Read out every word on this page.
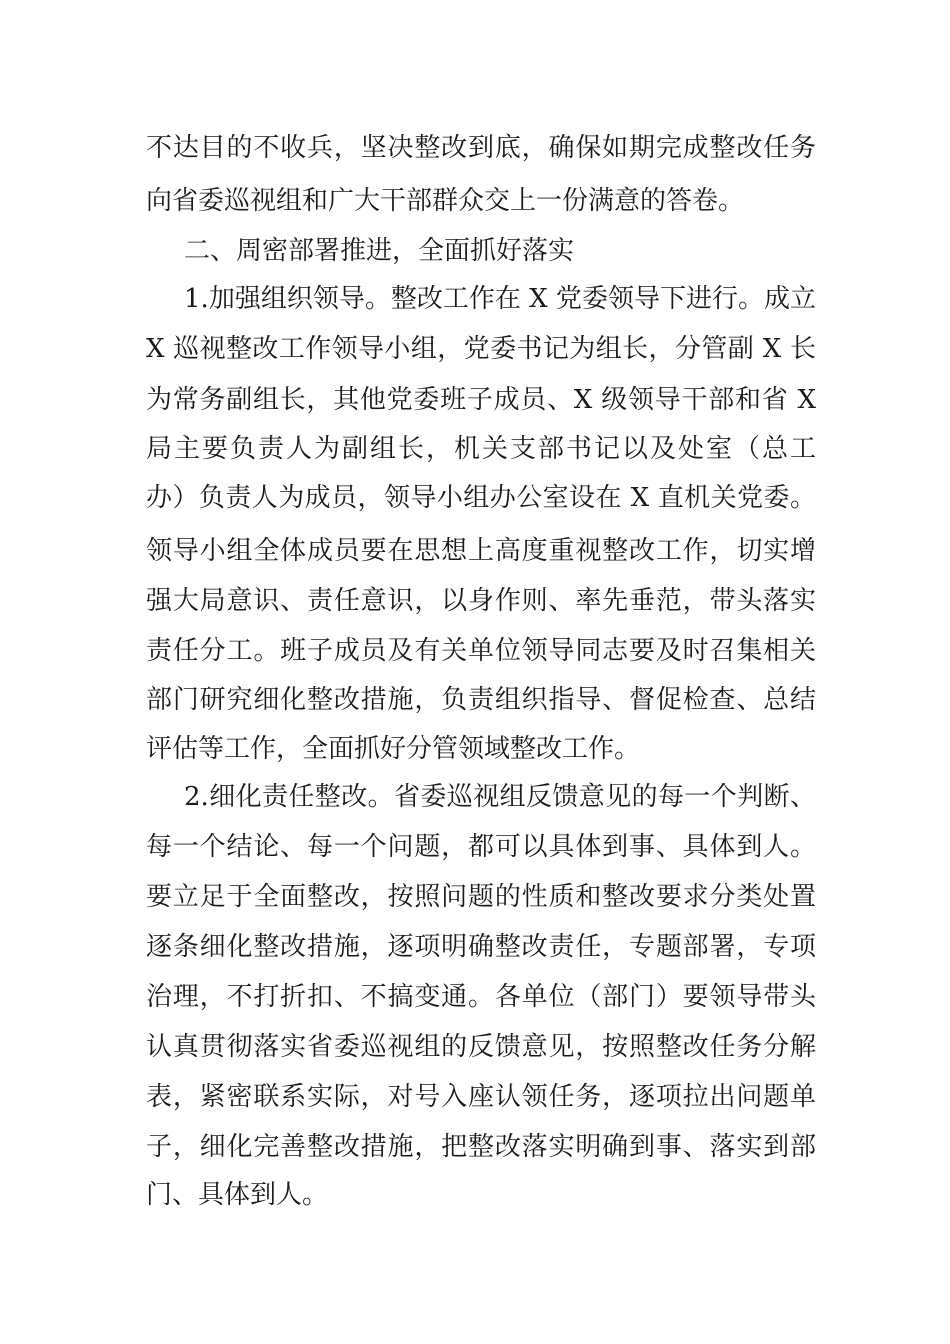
不达目的不收兵，坚决整改到底，确保如期完成整改任务
向省委巡视组和广大干部群众交上一份满意的答卷。
二、周密部署推进，全面抓好落实
1.加强组织领导。整改工作在 X 党委领导下进行。成立
X 巡视整改工作领导小组，党委书记为组长，分管副 X 长
为常务副组长，其他党委班子成员、X 级领导干部和省 X
局主要负责人为副组长，机关支部书记以及处室（总工
办）负责人为成员，领导小组办公室设在 X 直机关党委。
领导小组全体成员要在思想上高度重视整改工作，切实增
强大局意识、责任意识，以身作则、率先垂范，带头落实
责任分工。班子成员及有关单位领导同志要及时召集相关
部门研究细化整改措施，负责组织指导、督促检查、总结
评估等工作，全面抓好分管领域整改工作。
2.细化责任整改。省委巡视组反馈意见的每一个判断、
每一个结论、每一个问题，都可以具体到事、具体到人。
要立足于全面整改，按照问题的性质和整改要求分类处置
逐条细化整改措施，逐项明确整改责任，专题部署，专项
治理，不打折扣、不搞变通。各单位（部门）要领导带头
认真贯彻落实省委巡视组的反馈意见，按照整改任务分解
表，紧密联系实际，对号入座认领任务，逐项拉出问题单
子，细化完善整改措施，把整改落实明确到事、落实到部
门、具体到人。
